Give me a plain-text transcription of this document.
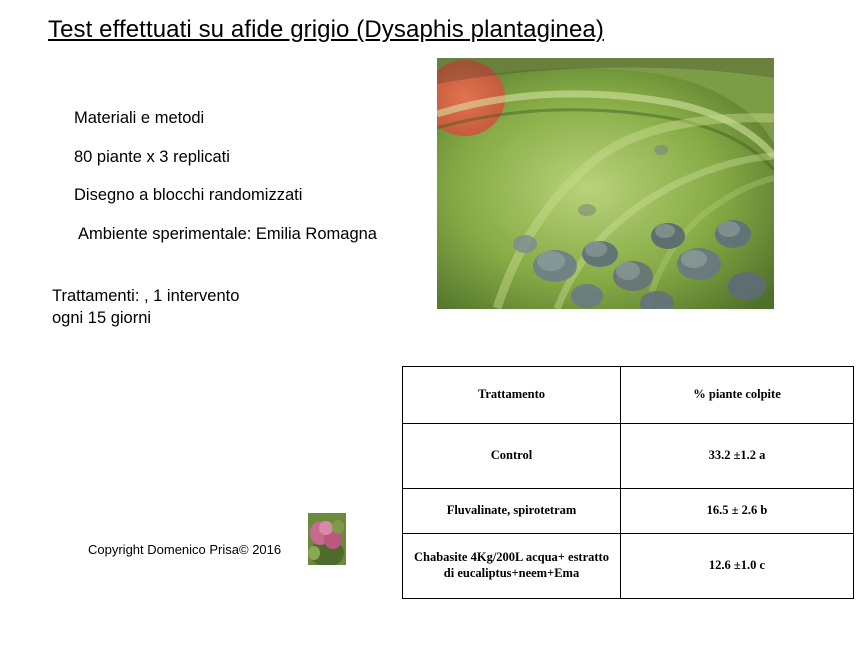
Test effettuati su afide grigio (Dysaphis plantaginea)
Materiali e metodi
80 piante x 3 replicati
Disegno a blocchi randomizzati
Ambiente sperimentale: Emilia Romagna
Trattamenti: , 1 intervento
ogni 15 giorni
Trattamento	% piante colpite
Control	33.2 ±1.2 a
Fluvalinate, spirotetram	16.5 ± 2.6 b
Chabasite 4Kg/200L acqua+ estratto di eucaliptus+neem+Ema	12.6 ±1.0 c
Copyright Domenico Prisa© 2016
